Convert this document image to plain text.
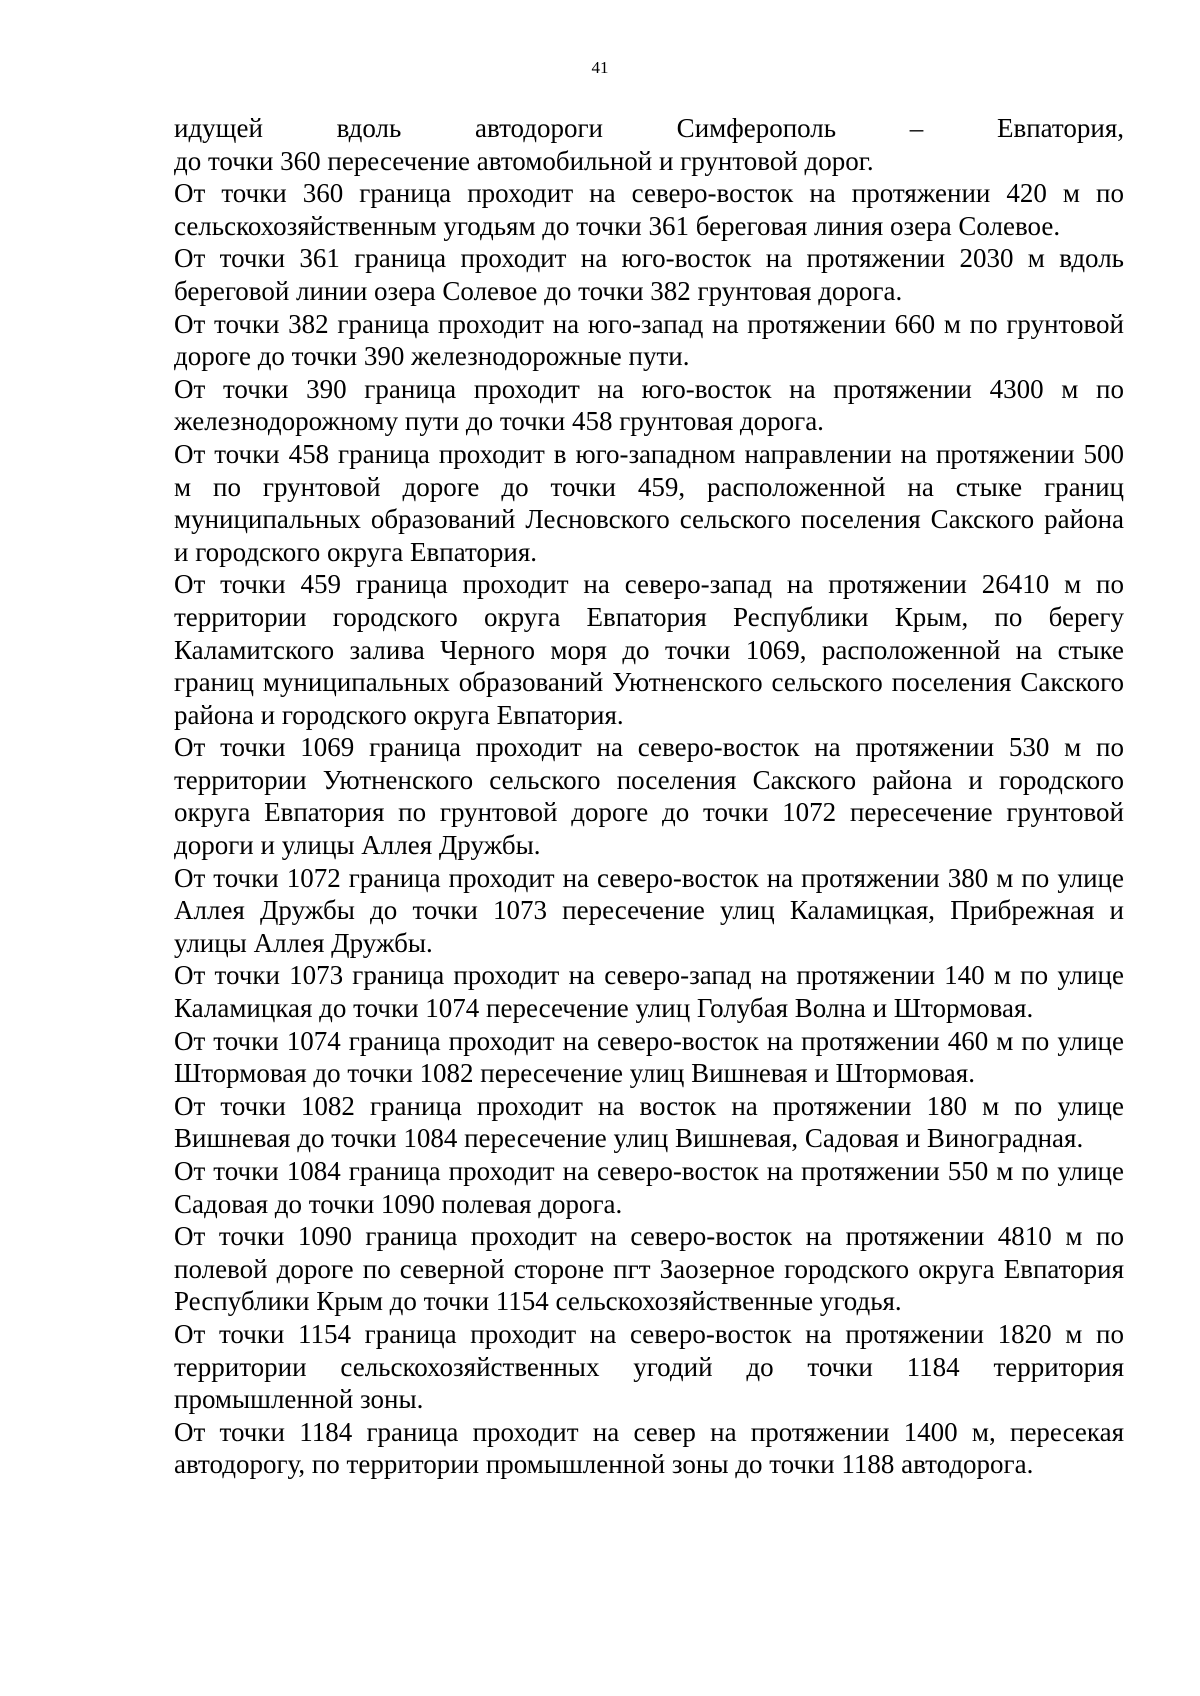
41
идущей вдоль автодороги Симферополь – Евпатория,

до точки 360 пересечение автомобильной и грунтовой дорог.

От точки 360 граница проходит на северо-восток на протяжении 420 м по сельскохозяйственным угодьям до точки 361 береговая линия озера Солевое.

От точки 361 граница проходит на юго-восток на протяжении 2030 м вдоль береговой линии озера Солевое до точки 382 грунтовая дорога.

От точки 382 граница проходит на юго-запад на протяжении 660 м по грунтовой дороге до точки 390 железнодорожные пути.

От точки 390 граница проходит на юго-восток на протяжении 4300 м по железнодорожному пути до точки 458 грунтовая дорога.

От точки 458 граница проходит в юго-западном направлении на протяжении 500 м по грунтовой дороге до точки 459, расположенной на стыке границ муниципальных образований Лесновского сельского поселения Сакского района и городского округа Евпатория.

От точки 459 граница проходит на северо-запад на протяжении 26410 м по территории городского округа Евпатория Республики Крым, по берегу Каламитского залива Черного моря до точки 1069, расположенной на стыке границ муниципальных образований Уютненского сельского поселения Сакского района и городского округа Евпатория.

От точки 1069 граница проходит на северо-восток на протяжении 530 м по территории Уютненского сельского поселения Сакского района и городского округа Евпатория по грунтовой дороге до точки 1072 пересечение грунтовой дороги и улицы Аллея Дружбы.

От точки 1072 граница проходит на северо-восток на протяжении 380 м по улице Аллея Дружбы до точки 1073 пересечение улиц Каламицкая, Прибрежная и улицы Аллея Дружбы.

От точки 1073 граница проходит на северо-запад на протяжении 140 м по улице Каламицкая до точки 1074 пересечение улиц Голубая Волна и Штормовая.

От точки 1074 граница проходит на северо-восток на протяжении 460 м по улице Штормовая до точки 1082 пересечение улиц Вишневая и Штормовая.

От точки 1082 граница проходит на восток на протяжении 180 м по улице Вишневая до точки 1084 пересечение улиц Вишневая, Садовая и Виноградная.

От точки 1084 граница проходит на северо-восток на протяжении 550 м по улице Садовая до точки 1090 полевая дорога.

От точки 1090 граница проходит на северо-восток на протяжении 4810 м по полевой дороге по северной стороне пгт Заозерное городского округа Евпатория Республики Крым до точки 1154 сельскохозяйственные угодья.

От точки 1154 граница проходит на северо-восток на протяжении 1820 м по территории сельскохозяйственных угодий до точки 1184 территория промышленной зоны.

От точки 1184 граница проходит на север на протяжении 1400 м, пересекая автодорогу, по территории промышленной зоны до точки 1188 автодорога.
